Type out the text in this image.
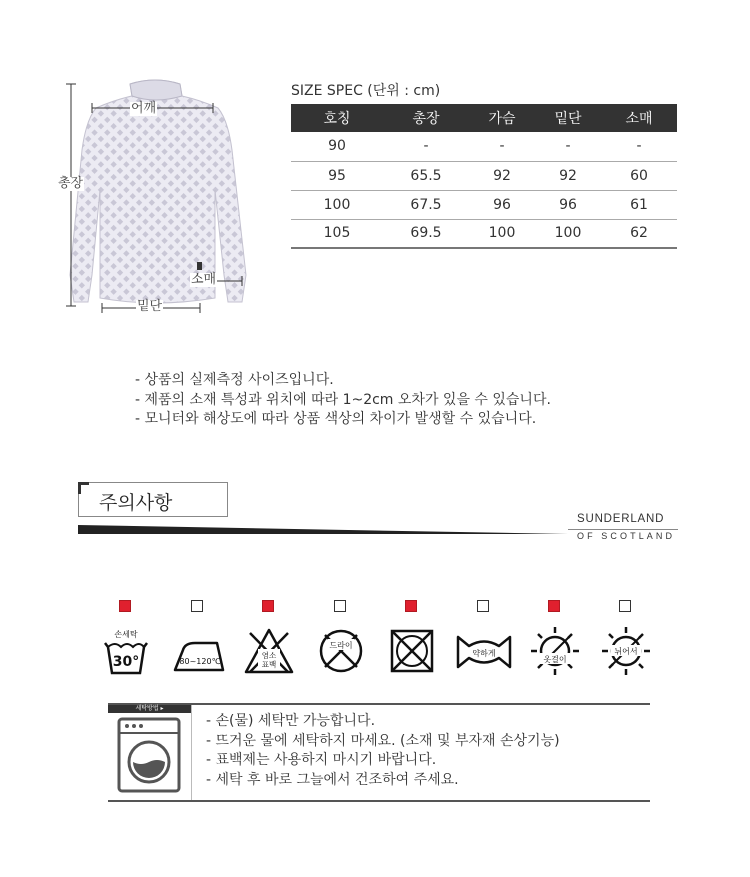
어깨
총장
소매
밑단
SIZE SPEC (단위 : cm)
호칭	총장	가슴	밑단	소매
90	-	-	-	-
95	65.5	92	92	60
100	67.5	96	96	61
105	69.5	100	100	62
- 상품의 실제측정 사이즈입니다.
- 제품의 소재 특성과 위치에 따라 1~2cm 오차가 있을 수 있습니다.
- 모니터와 해상도에 따라 상품 색상의 차이가 발생할 수 있습니다.
주의사항
SUNDERLAND
OF SCOTLAND
손세탁
30°	80~120℃
염소
표백
드라이
약하게
옷걸이
뉘어서
세탁방법 ▸
- 손(물) 세탁만 가능합니다.
- 뜨거운 물에 세탁하지 마세요. (소재 및 부자재 손상기능)
- 표백제는 사용하지 마시기 바랍니다.
- 세탁 후 바로 그늘에서 건조하여 주세요.
